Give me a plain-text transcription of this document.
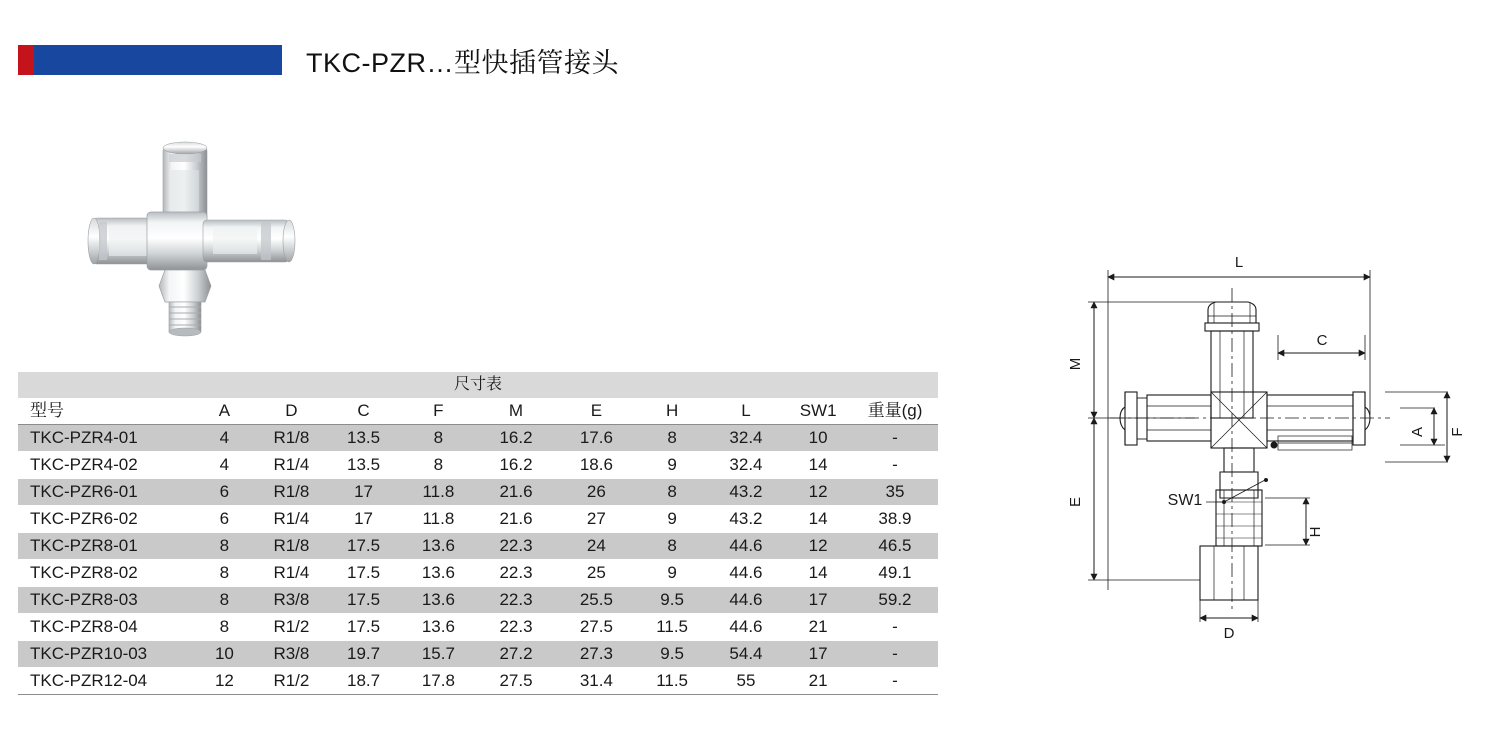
TKC-PZR…型快插管接头
尺寸表										
型号	A	D	C	F	M	E	H	L	SW1	重量(g)
TKC-PZR4-01	4	R1/8	13.5	8	16.2	17.6	8	32.4	10	-
TKC-PZR4-02	4	R1/4	13.5	8	16.2	18.6	9	32.4	14	-
TKC-PZR6-01	6	R1/8	17	11.8	21.6	26	8	43.2	12	35
TKC-PZR6-02	6	R1/4	17	11.8	21.6	27	9	43.2	14	38.9
TKC-PZR8-01	8	R1/8	17.5	13.6	22.3	24	8	44.6	12	46.5
TKC-PZR8-02	8	R1/4	17.5	13.6	22.3	25	9	44.6	14	49.1
TKC-PZR8-03	8	R3/8	17.5	13.6	22.3	25.5	9.5	44.6	17	59.2
TKC-PZR8-04	8	R1/2	17.5	13.6	22.3	27.5	11.5	44.6	21	-
TKC-PZR10-03	10	R3/8	19.7	15.7	27.2	27.3	9.5	54.4	17	-
TKC-PZR12-04	12	R1/2	18.7	17.8	27.5	31.4	11.5	55	21	-
L
M
E
C
A F
H
D
SW1
